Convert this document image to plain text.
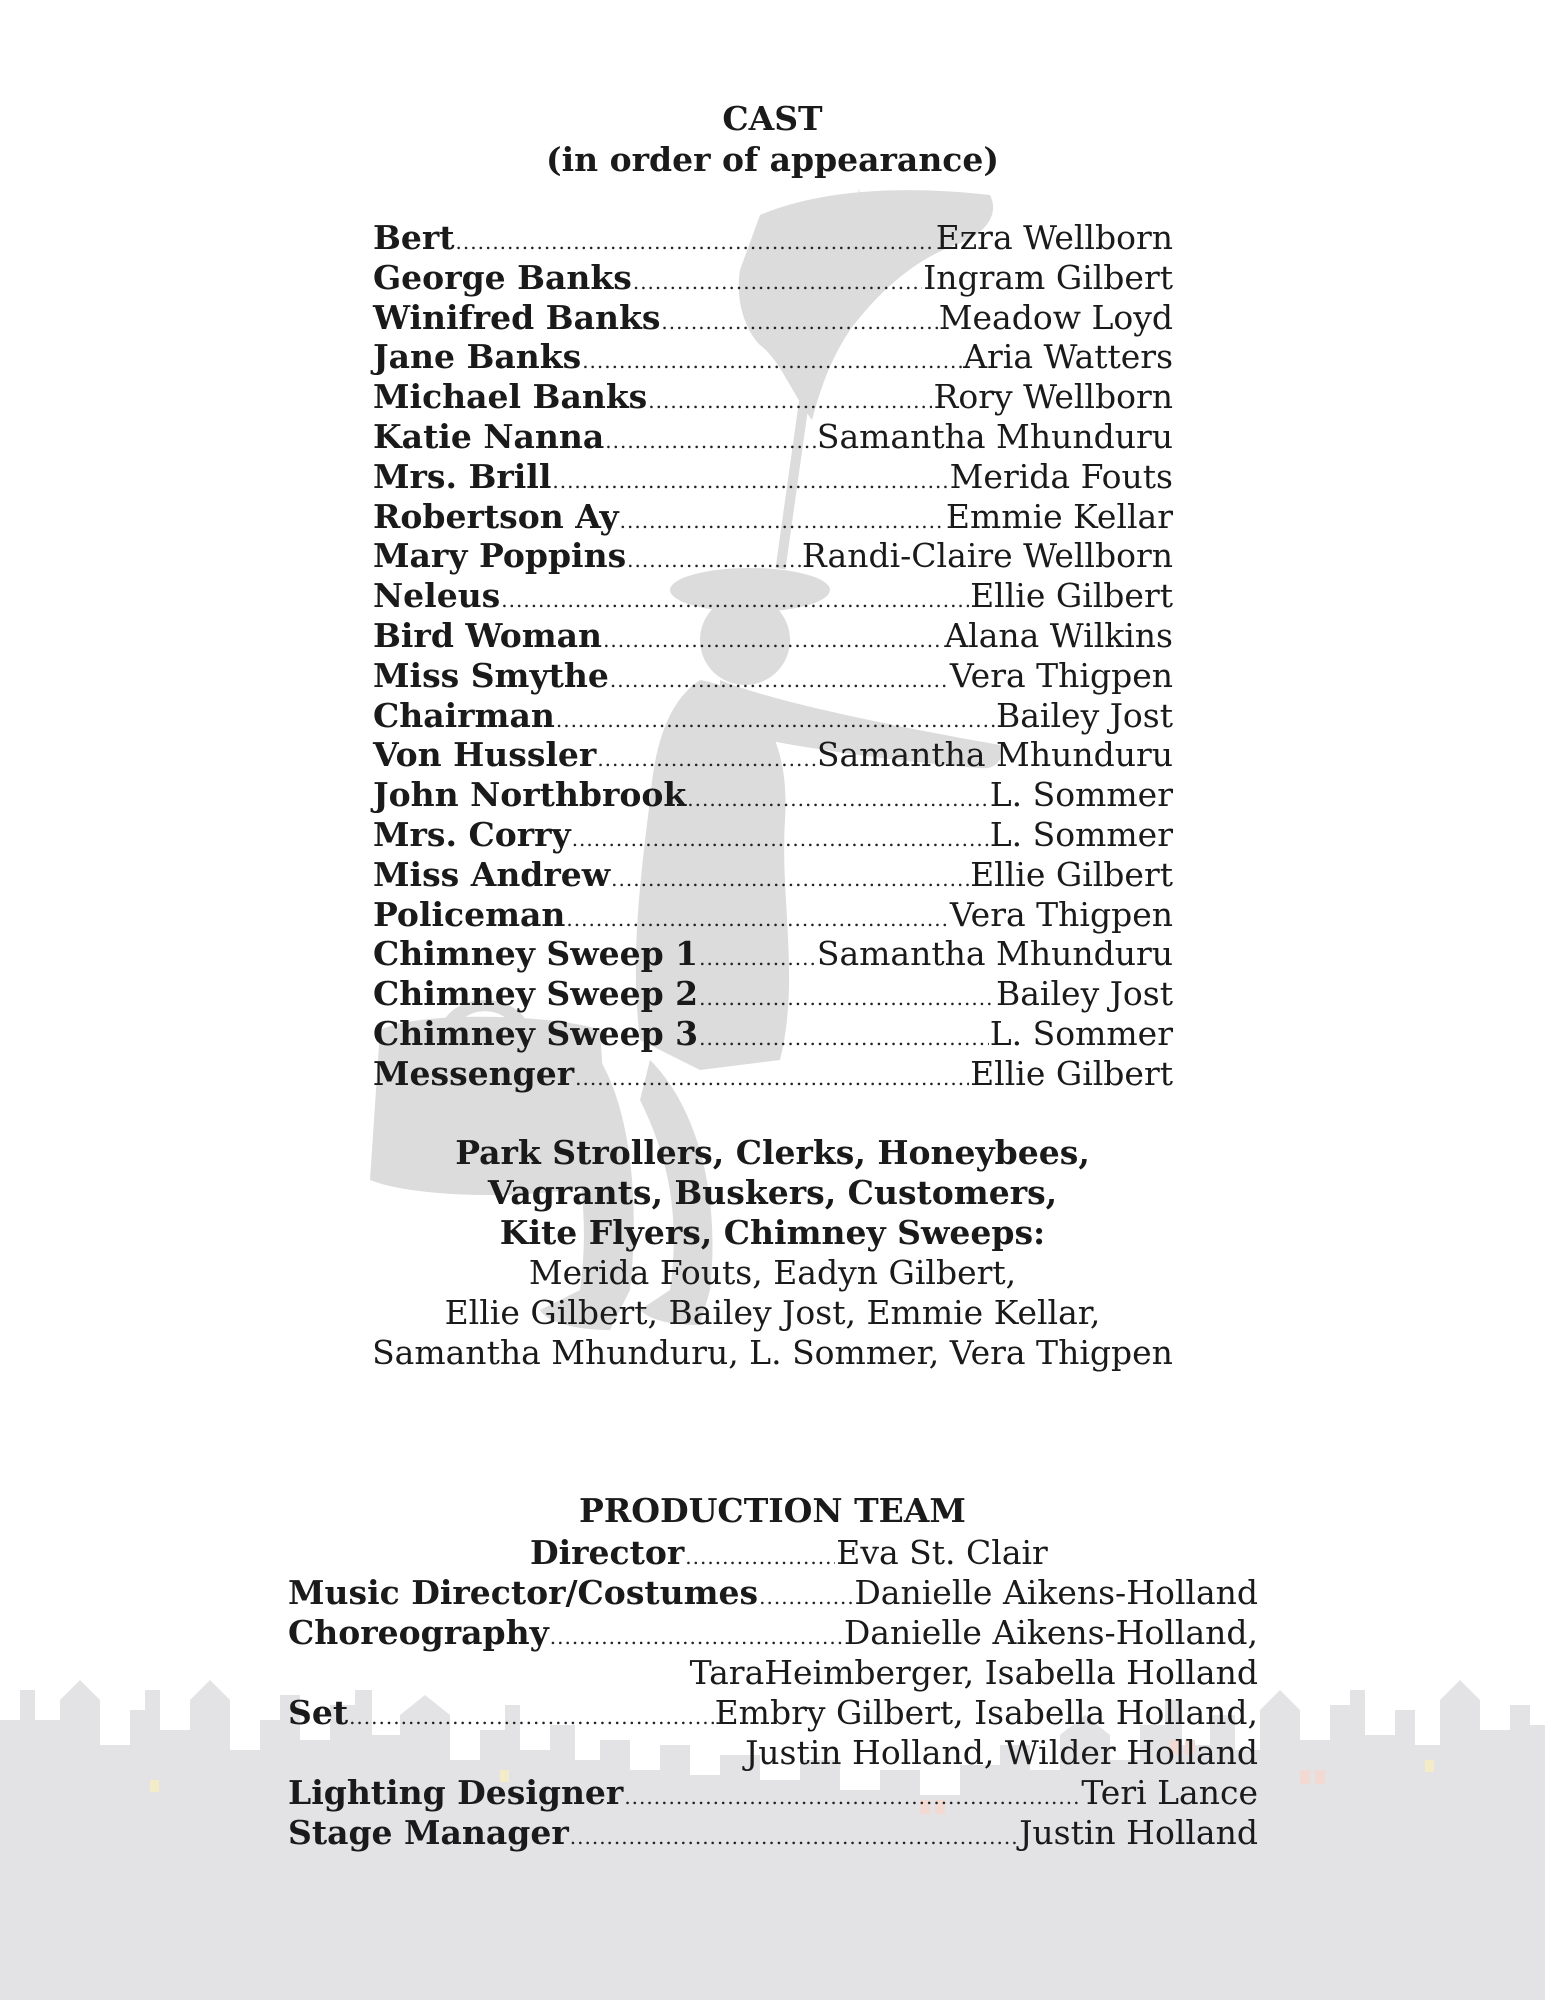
CAST
(in order of appearance)
Bert .....	Ezra Wellborn
George Banks .....	Ingram Gilbert
Winifred Banks .....	Meadow Loyd
Jane Banks .....	Aria Watters
Michael Banks .....	Rory Wellborn
Katie Nanna .....	Samantha Mhunduru
Mrs. Brill .....	Merida Fouts
Robertson Ay .....	Emmie Kellar
Mary Poppins .....	Randi-Claire Wellborn
Neleus .....	Ellie Gilbert
Bird Woman .....	Alana Wilkins
Miss Smythe .....	Vera Thigpen
Chairman .....	Bailey Jost
Von Hussler .....	Samantha Mhunduru
John Northbrook .....	L. Sommer
Mrs. Corry .....	L. Sommer
Miss Andrew .....	Ellie Gilbert
Policeman .....	Vera Thigpen
Chimney Sweep 1 .....	Samantha Mhunduru
Chimney Sweep 2 .....	Bailey Jost
Chimney Sweep 3 .....	L. Sommer
Messenger .....	Ellie Gilbert
Park Strollers, Clerks, Honeybees,
Vagrants, Buskers, Customers,
Kite Flyers, Chimney Sweeps:
Merida Fouts, Eadyn Gilbert,
Ellie Gilbert, Bailey Jost, Emmie Kellar,
Samantha Mhunduru, L. Sommer, Vera Thigpen
PRODUCTION TEAM
Director .....	Eva St. Clair
Music Director/Costumes .....	Danielle Aikens-Holland
Choreography .....	Danielle Aikens-Holland,
TaraHeimberger, Isabella Holland
Set .....	Embry Gilbert, Isabella Holland,
Justin Holland, Wilder Holland
Lighting Designer .....	Teri Lance
Stage Manager .....	Justin Holland
